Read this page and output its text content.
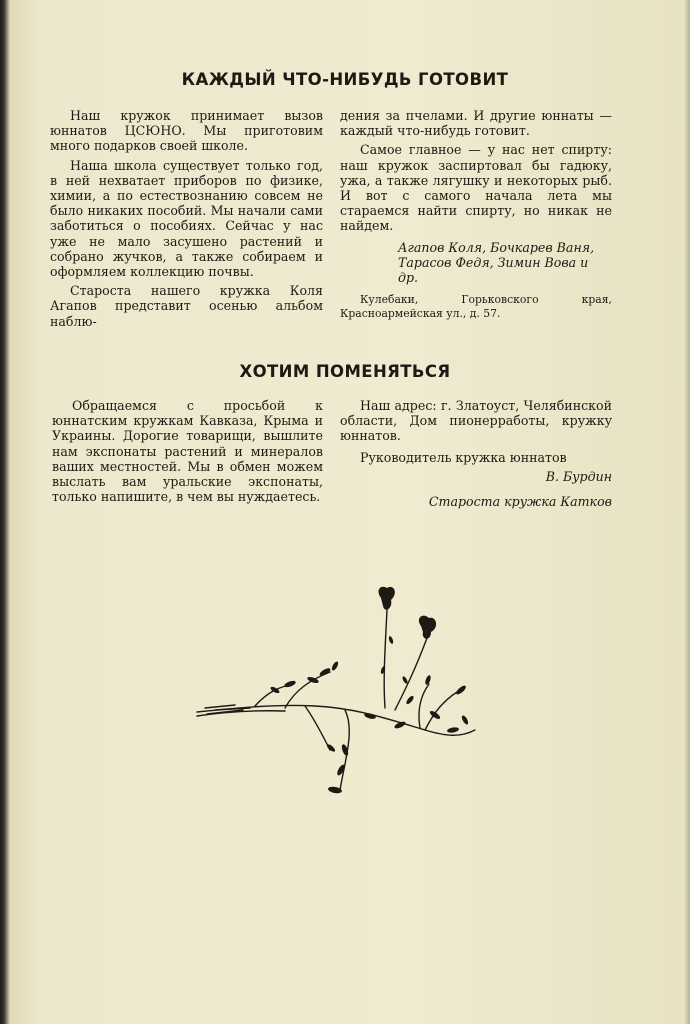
КАЖДЫЙ ЧТО-НИБУДЬ ГОТОВИТ

Наш кружок принимает вызов юннатов ЦСЮНО. Мы приготовим много подарков своей школе.

Наша школа существует только год, в ней нехватает приборов по физике, химии, а по естествознанию совсем не было никаких пособий. Мы начали сами заботиться о пособиях. Сейчас у нас уже не мало засушено растений и собрано жучков, а также собираем и оформляем коллекцию почвы.

Староста нашего кружка Коля Агапов представит осенью альбом наблю-

дения за пчелами. И другие юннаты — каждый что-нибудь готовит.

Самое главное — у нас нет спирту: наш кружок заспиртовал бы гадюку, ужа, а также лягушку и некоторых рыб. И вот с самого начала лета мы стараемся найти спирту, но никак не найдем.

Агапов Коля, Бочкарев Ваня, Тарасов Федя, Зимин Вова и др.

Кулебаки, Горьковского края, Красноармейская ул., д. 57.

ХОТИМ ПОМЕНЯТЬСЯ

Обращаемся с просьбой к юннатским кружкам Кавказа, Крыма и Украины. Дорогие товарищи, вышлите нам экспонаты растений и минералов ваших местностей. Мы в обмен можем выслать вам уральские экспонаты, только напишите, в чем вы нуждаетесь.

Наш адрес: г. Златоуст, Челябинской области, Дом пионерработы, кружку юннатов.

Руководитель кружка юннатов

В. Бурдин

Староста кружка Катков
